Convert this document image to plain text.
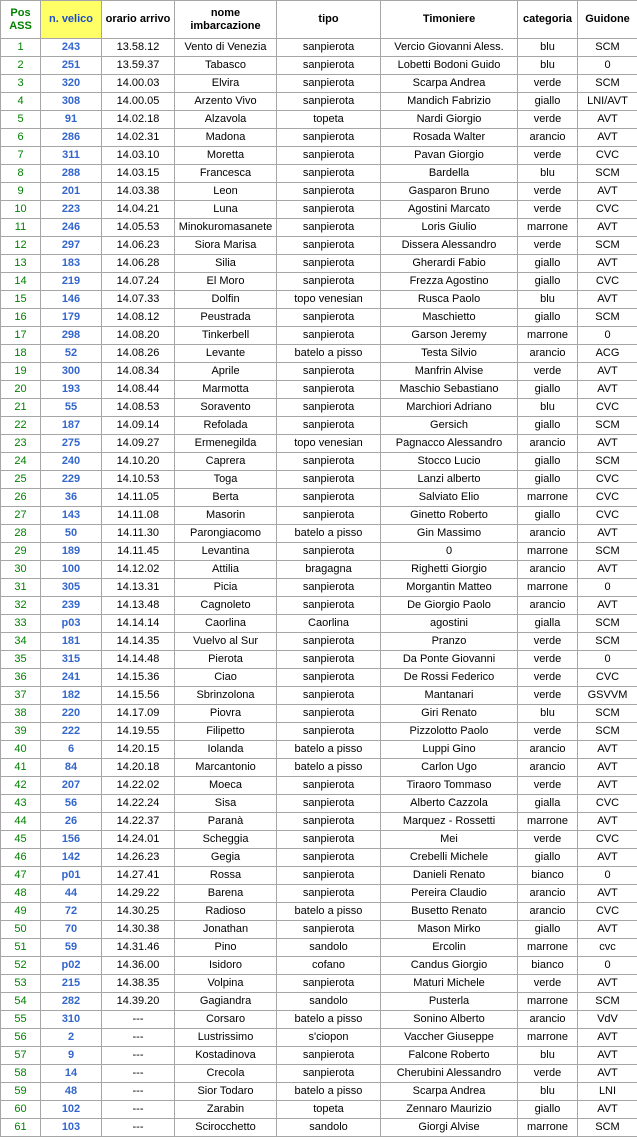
Pos
ASS	n. velico	orario arrivo	nome
imbarcazione	tipo	Timoniere	categoria	Guidone
1	243	13.58.12	Vento di Venezia	sanpierota	Vercio Giovanni Aless.	blu	SCM
2	251	13.59.37	Tabasco	sanpierota	Lobetti Bodoni Guido	blu	0
3	320	14.00.03	Elvira	sanpierota	Scarpa Andrea	verde	SCM
4	308	14.00.05	Arzento Vivo	sanpierota	Mandich Fabrizio	giallo	LNI/AVT
5	91	14.02.18	Alzavola	topeta	Nardi Giorgio	verde	AVT
6	286	14.02.31	Madona	sanpierota	Rosada Walter	arancio	AVT
7	311	14.03.10	Moretta	sanpierota	Pavan Giorgio	verde	CVC
8	288	14.03.15	Francesca	sanpierota	Bardella	blu	SCM
9	201	14.03.38	Leon	sanpierota	Gasparon Bruno	verde	AVT
10	223	14.04.21	Luna	sanpierota	Agostini Marcato	verde	CVC
11	246	14.05.53	Minokuromasanete	sanpierota	Loris Giulio	marrone	AVT
12	297	14.06.23	Siora Marisa	sanpierota	Dissera Alessandro	verde	SCM
13	183	14.06.28	Silia	sanpierota	Gherardi Fabio	giallo	AVT
14	219	14.07.24	El Moro	sanpierota	Frezza Agostino	giallo	CVC
15	146	14.07.33	Dolfin	topo venesian	Rusca Paolo	blu	AVT
16	179	14.08.12	Peustrada	sanpierota	Maschietto	giallo	SCM
17	298	14.08.20	Tinkerbell	sanpierota	Garson Jeremy	marrone	0
18	52	14.08.26	Levante	batelo a pisso	Testa Silvio	arancio	ACG
19	300	14.08.34	Aprile	sanpierota	Manfrin Alvise	verde	AVT
20	193	14.08.44	Marmotta	sanpierota	Maschio Sebastiano	giallo	AVT
21	55	14.08.53	Soravento	sanpierota	Marchiori Adriano	blu	CVC
22	187	14.09.14	Refolada	sanpierota	Gersich	giallo	SCM
23	275	14.09.27	Ermenegilda	topo venesian	Pagnacco Alessandro	arancio	AVT
24	240	14.10.20	Caprera	sanpierota	Stocco Lucio	giallo	SCM
25	229	14.10.53	Toga	sanpierota	Lanzi alberto	giallo	CVC
26	36	14.11.05	Berta	sanpierota	Salviato Elio	marrone	CVC
27	143	14.11.08	Masorin	sanpierota	Ginetto Roberto	giallo	CVC
28	50	14.11.30	Parongiacomo	batelo a pisso	Gin Massimo	arancio	AVT
29	189	14.11.45	Levantina	sanpierota	0	marrone	SCM
30	100	14.12.02	Attilia	bragagna	Righetti Giorgio	arancio	AVT
31	305	14.13.31	Picia	sanpierota	Morgantin Matteo	marrone	0
32	239	14.13.48	Cagnoleto	sanpierota	De Giorgio Paolo	arancio	AVT
33	p03	14.14.14	Caorlina	Caorlina	agostini	gialla	SCM
34	181	14.14.35	Vuelvo al Sur	sanpierota	Pranzo	verde	SCM
35	315	14.14.48	Pierota	sanpierota	Da Ponte Giovanni	verde	0
36	241	14.15.36	Ciao	sanpierota	De Rossi Federico	verde	CVC
37	182	14.15.56	Sbrinzolona	sanpierota	Mantanari	verde	GSVVM
38	220	14.17.09	Piovra	sanpierota	Giri Renato	blu	SCM
39	222	14.19.55	Filipetto	sanpierota	Pizzolotto Paolo	verde	SCM
40	6	14.20.15	Iolanda	batelo a pisso	Luppi Gino	arancio	AVT
41	84	14.20.18	Marcantonio	batelo a pisso	Carlon Ugo	arancio	AVT
42	207	14.22.02	Moeca	sanpierota	Tiraoro Tommaso	verde	AVT
43	56	14.22.24	Sisa	sanpierota	Alberto Cazzola	gialla	CVC
44	26	14.22.37	Paranà	sanpierota	Marquez - Rossetti	marrone	AVT
45	156	14.24.01	Scheggia	sanpierota	Mei	verde	CVC
46	142	14.26.23	Gegia	sanpierota	Crebelli Michele	giallo	AVT
47	p01	14.27.41	Rossa	sanpierota	Danieli Renato	bianco	0
48	44	14.29.22	Barena	sanpierota	Pereira Claudio	arancio	AVT
49	72	14.30.25	Radioso	batelo a pisso	Busetto Renato	arancio	CVC
50	70	14.30.38	Jonathan	sanpierota	Mason Mirko	giallo	AVT
51	59	14.31.46	Pino	sandolo	Ercolin	marrone	cvc
52	p02	14.36.00	Isidoro	cofano	Candus Giorgio	bianco	0
53	215	14.38.35	Volpina	sanpierota	Maturi Michele	verde	AVT
54	282	14.39.20	Gagiandra	sandolo	Pusterla	marrone	SCM
55	310	---	Corsaro	batelo a pisso	Sonino Alberto	arancio	VdV
56	2	---	Lustrissimo	s'ciopon	Vaccher Giuseppe	marrone	AVT
57	9	---	Kostadinova	sanpierota	Falcone Roberto	blu	AVT
58	14	---	Crecola	sanpierota	Cherubini Alessandro	verde	AVT
59	48	---	Sior Todaro	batelo a pisso	Scarpa Andrea	blu	LNI
60	102	---	Zarabin	topeta	Zennaro Maurizio	giallo	AVT
61	103	---	Scirocchetto	sandolo	Giorgi Alvise	marrone	SCM
